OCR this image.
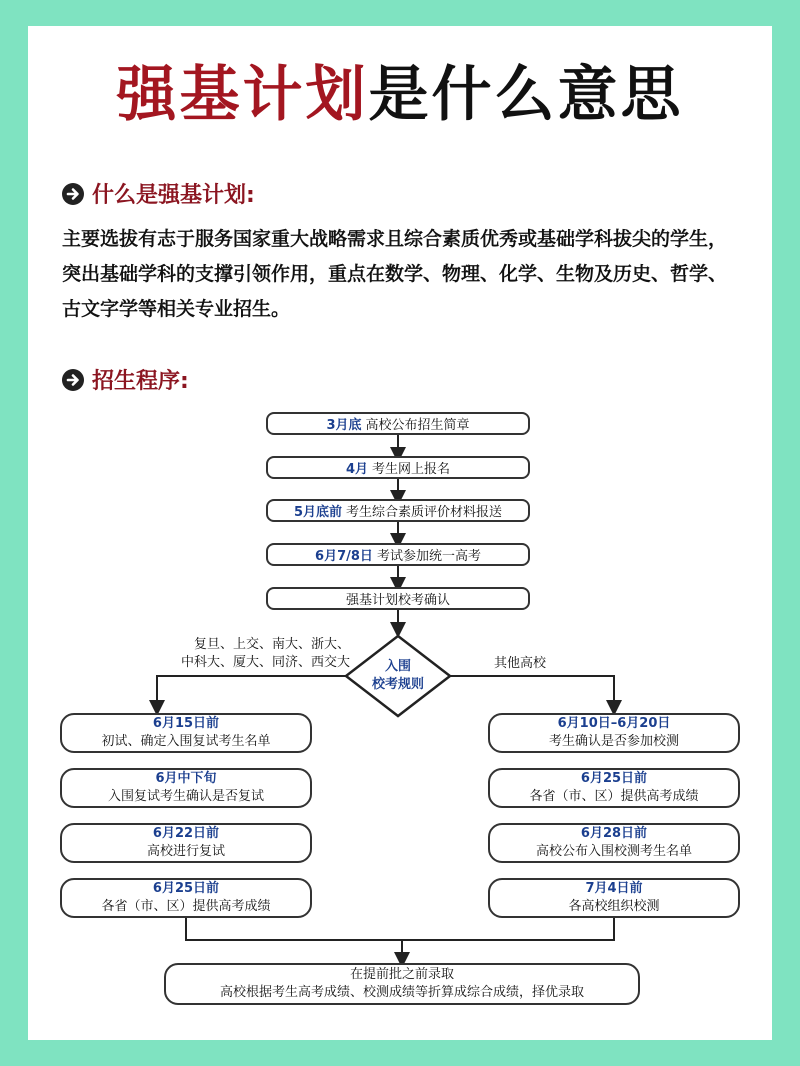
强基计划是什么意思
什么是强基计划:
主要选拔有志于服务国家重大战略需求且综合素质优秀或基础学科拔尖的学生，突出基础学科的支撑引领作用，重点在数学、物理、化学、生物及历史、哲学、古文字学等相关专业招生。
招生程序:
3月底 高校公布招生简章
4月 考生网上报名
5月底前 考生综合素质评价材料报送
6月7/8日 考试参加统一高考
强基计划校考确认
入围
校考规则
复旦、上交、南大、浙大、
中科大、厦大、同济、西交大	其他高校
6月15日前
初试、确定入围复试考生名单
6月中下旬
入围复试考生确认是否复试
6月22日前
高校进行复试
6月25日前
各省（市、区）提供高考成绩
6月10日–6月20日
考生确认是否参加校测
6月25日前
各省（市、区）提供高考成绩
6月28日前
高校公布入围校测考生名单
7月4日前
各高校组织校测
在提前批之前录取
高校根据考生高考成绩、校测成绩等折算成综合成绩，择优录取
